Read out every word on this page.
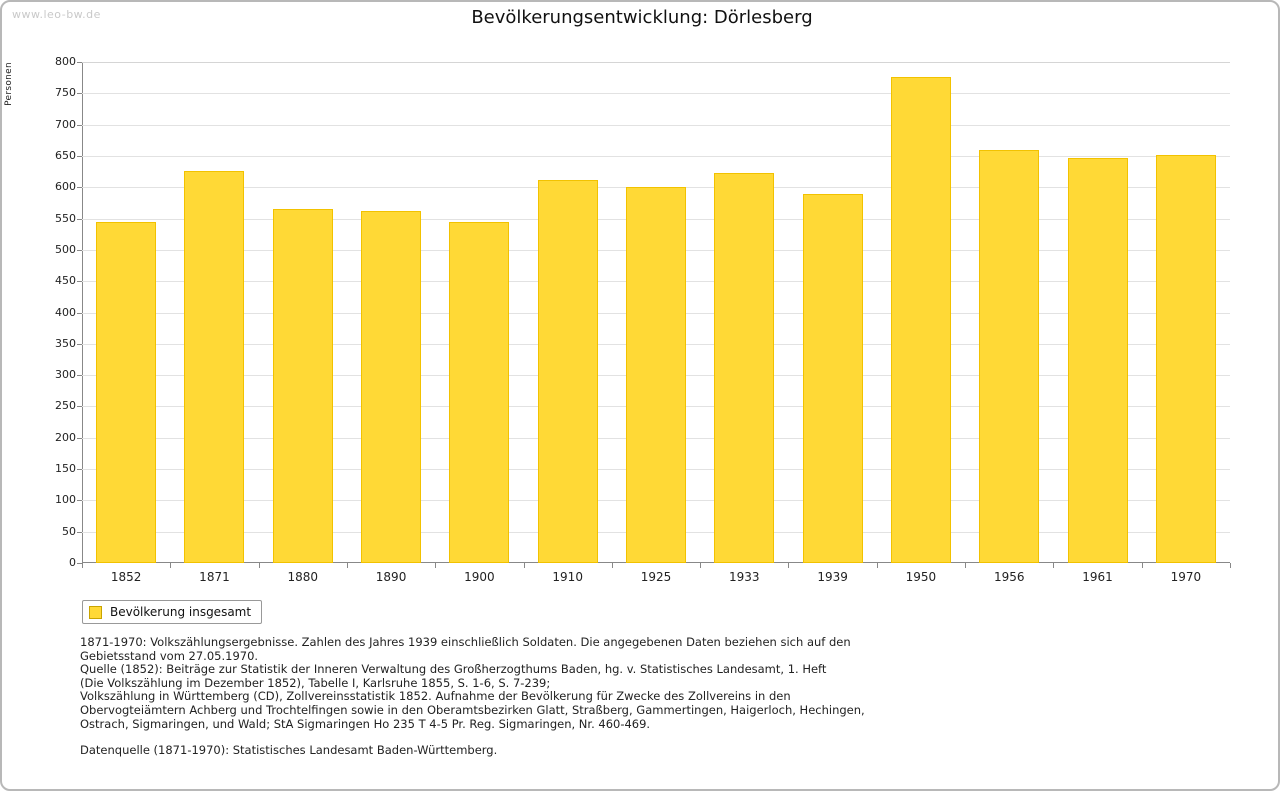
www.leo-bw.de	Bevölkerungsentwicklung: Dörlesberg
Personen
0
50
100
150
200
250
300
350
400
450
500
550
600
650
700
750
800
1852	1871	1880	1890	1900	1910	1925	1933	1939	1950	1956	1961	1970
Bevölkerung insgesamt

1871-1970: Volkszählungsergebnisse. Zahlen des Jahres 1939 einschließlich Soldaten. Die angegebenen Daten beziehen sich auf den

Gebietsstand vom 27.05.1970.

Quelle (1852): Beiträge zur Statistik der Inneren Verwaltung des Großherzogthums Baden, hg. v. Statistisches Landesamt, 1. Heft

(Die Volkszählung im Dezember 1852), Tabelle I, Karlsruhe 1855, S. 1-6, S. 7-239;

Volkszählung in Württemberg (CD), Zollvereinsstatistik 1852. Aufnahme der Bevölkerung für Zwecke des Zollvereins in den

Obervogteiämtern Achberg und Trochtelfingen sowie in den Oberamtsbezirken Glatt, Straßberg, Gammertingen, Haigerloch, Hechingen,

Ostrach, Sigmaringen, und Wald; StA Sigmaringen Ho 235 T 4-5 Pr. Reg. Sigmaringen, Nr. 460-469.

Datenquelle (1871-1970): Statistisches Landesamt Baden-Württemberg.
